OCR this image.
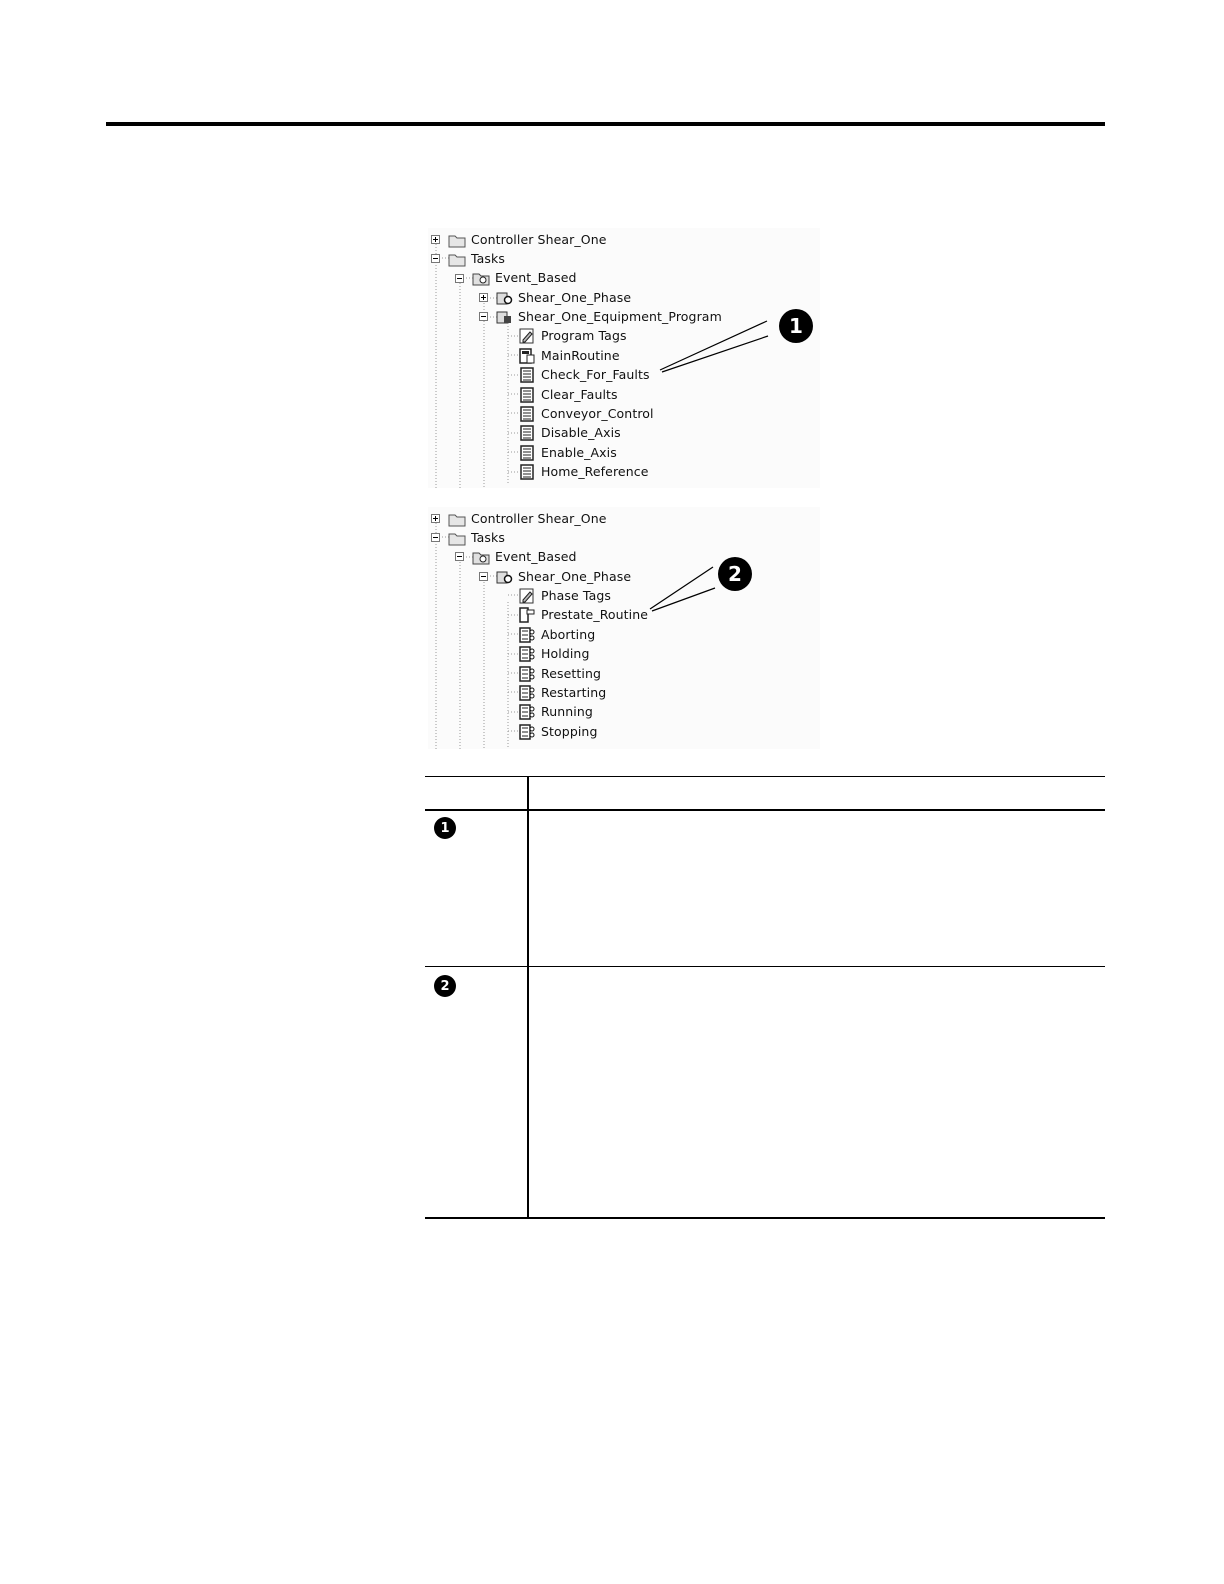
Controller Shear_One
Tasks
Event_Based
Shear_One_Phase
Shear_One_Equipment_Program
Program Tags
MainRoutine
Check_For_Faults
Clear_Faults
Conveyor_Control
Disable_Axis
Enable_Axis
Home_Reference
Controller Shear_One
Tasks
Event_Based
Shear_One_Phase
Phase Tags
Prestate_Routine
Aborting
Holding
Resetting
Restarting
Running
Stopping
1
2
1
2
